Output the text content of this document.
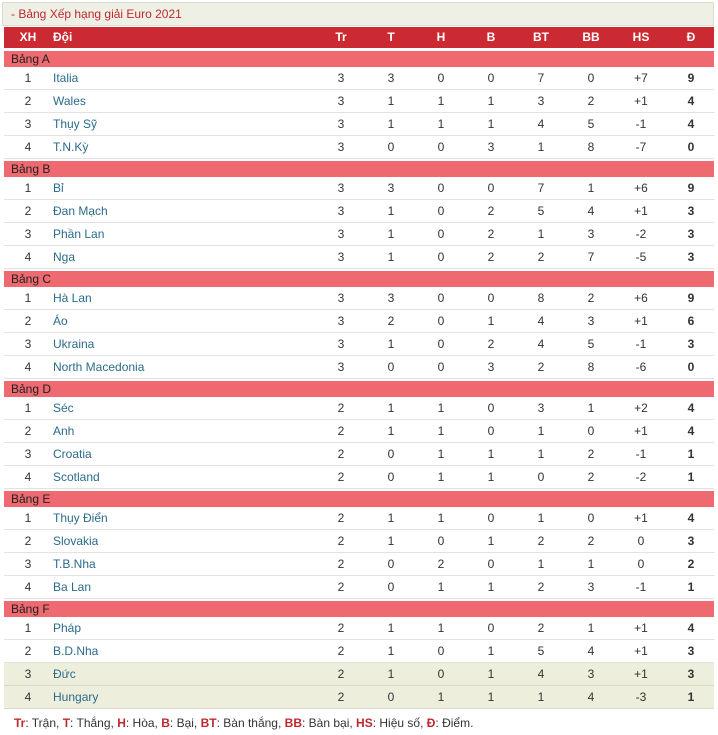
- Bảng Xếp hạng giải Euro 2021
XH	Đội	Tr	T	H	B	BT	BB	HS	Đ
Bảng A
1	Italia	3	3	0	0	7	0	+7	9
2	Wales	3	1	1	1	3	2	+1	4
3	Thụy Sỹ	3	1	1	1	4	5	-1	4
4	T.N.Kỳ	3	0	0	3	1	8	-7	0
Bảng B
1	Bỉ	3	3	0	0	7	1	+6	9
2	Đan Mạch	3	1	0	2	5	4	+1	3
3	Phần Lan	3	1	0	2	1	3	-2	3
4	Nga	3	1	0	2	2	7	-5	3
Bảng C
1	Hà Lan	3	3	0	0	8	2	+6	9
2	Áo	3	2	0	1	4	3	+1	6
3	Ukraina	3	1	0	2	4	5	-1	3
4	North Macedonia	3	0	0	3	2	8	-6	0
Bảng D
1	Séc	2	1	1	0	3	1	+2	4
2	Anh	2	1	1	0	1	0	+1	4
3	Croatia	2	0	1	1	1	2	-1	1
4	Scotland	2	0	1	1	0	2	-2	1
Bảng E
1	Thụy Điển	2	1	1	0	1	0	+1	4
2	Slovakia	2	1	0	1	2	2	0	3
3	T.B.Nha	2	0	2	0	1	1	0	2
4	Ba Lan	2	0	1	1	2	3	-1	1
Bảng F
1	Pháp	2	1	1	0	2	1	+1	4
2	B.D.Nha	2	1	0	1	5	4	+1	3
3	Đức	2	1	0	1	4	3	+1	3
4	Hungary	2	0	1	1	1	4	-3	1
Tr: Trận, T: Thắng, H: Hòa, B: Bại, BT: Bàn thắng, BB: Bàn bại, HS: Hiệu số, Đ: Điểm.
